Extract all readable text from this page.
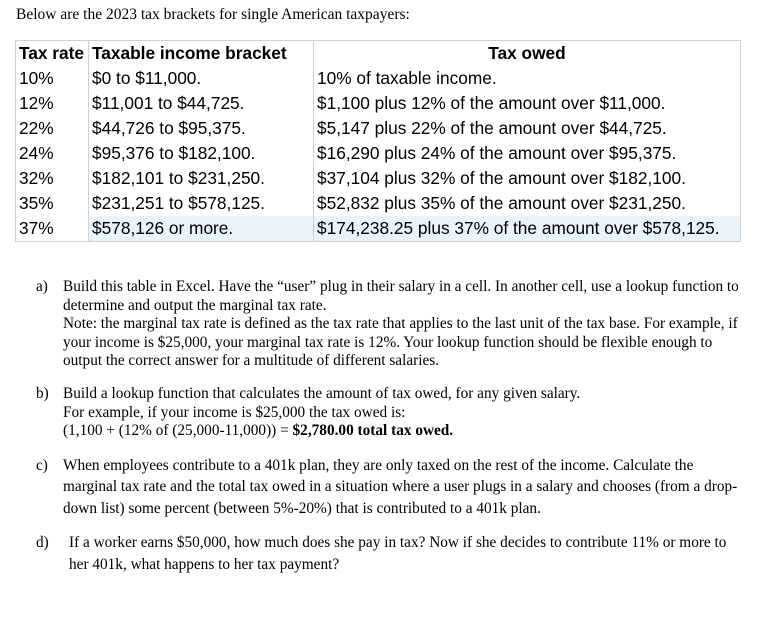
Below are the 2023 tax brackets for single American taxpayers:
Tax rate	Taxable income bracket	Tax owed
10%	$0 to $11,000.	10% of taxable income.
12%	$11,001 to $44,725.	$1,100 plus 12% of the amount over $11,000.
22%	$44,726 to $95,375.	$5,147 plus 22% of the amount over $44,725.
24%	$95,376 to $182,100.	$16,290 plus 24% of the amount over $95,375.
32%	$182,101 to $231,250.	$37,104 plus 32% of the amount over $182,100.
35%	$231,251 to $578,125.	$52,832 plus 35% of the amount over $231,250.
37%	$578,126 or more.	$174,238.25 plus 37% of the amount over $578,125.
a) Build this table in Excel. Have the “user” plug in their salary in a cell. In another cell, use a lookup function to determine and output the marginal tax rate.
Note: the marginal tax rate is defined as the tax rate that applies to the last unit of the tax base. For example, if your income is $25,000, your marginal tax rate is 12%. Your lookup function should be flexible enough to output the correct answer for a multitude of different salaries.
b) Build a lookup function that calculates the amount of tax owed, for any given salary.
For example, if your income is $25,000 the tax owed is:
(1,100 + (12% of (25,000-11,000)) = $2,780.00 total tax owed.
c) When employees contribute to a 401k plan, they are only taxed on the rest of the income. Calculate the marginal tax rate and the total tax owed in a situation where a user plugs in a salary and chooses (from a drop-down list) some percent (between 5%-20%) that is contributed to a 401k plan.
d)	If a worker earns $50,000, how much does she pay in tax? Now if she decides to contribute 11% or more to her 401k, what happens to her tax payment?
